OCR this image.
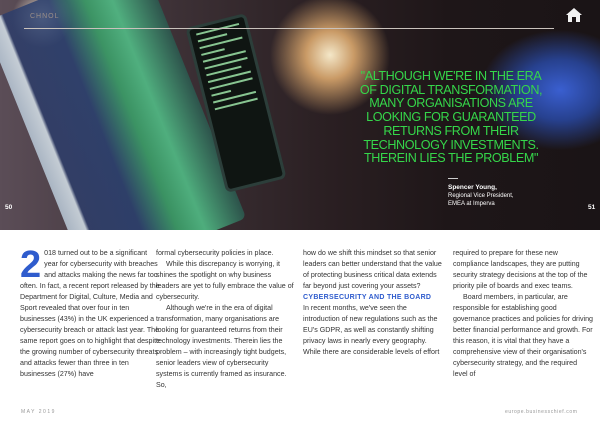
CHNOL
50	51
"ALTHOUGH WE'RE IN THE ERA OF DIGITAL TRANSFORMATION, MANY ORGANISATIONS ARE LOOKING FOR GUARANTEED RETURNS FROM THEIR TECHNOLOGY INVESTMENTS. THEREIN LIES THE PROBLEM"
Spencer Young,
Regional Vice President,
EMEA at Imperva
2 018 turned out to be a significant year for cybersecurity with breaches and attacks making the news far too often. In fact, a recent report released by the Department for Digital, Culture, Media and Sport revealed that over four in ten businesses (43%) in the UK experienced a cybersecurity breach or attack last year. The same report goes on to highlight that despite the growing number of cybersecurity threats and attacks fewer than three in ten businesses (27%) have

formal cybersecurity policies in place.

While this discrepancy is worrying, it shines the spotlight on why business leaders are yet to fully embrace the value of cybersecurity.

Although we're in the era of digital transformation, many organisations are looking for guaranteed returns from their technology investments. Therein lies the problem – with increasingly tight budgets, senior leaders view of cybersecurity systems is currently framed as insurance. So,

how do we shift this mindset so that senior leaders can better understand that the value of protecting business critical data extends far beyond just covering your assets?

CYBERSECURITY AND THE BOARD

In recent months, we've seen the introduction of new regulations such as the EU's GDPR, as well as constantly shifting privacy laws in nearly every geography. While there are considerable levels of effort

required to prepare for these new compliance landscapes, they are putting security strategy decisions at the top of the priority pile of boards and exec teams.

Board members, in particular, are responsible for establishing good governance practices and policies for driving better financial performance and growth. For this reason, it is vital that they have a comprehensive view of their organisation's cybersecurity strategy, and the required level of

MAY 2019	europe.businesschief.com
